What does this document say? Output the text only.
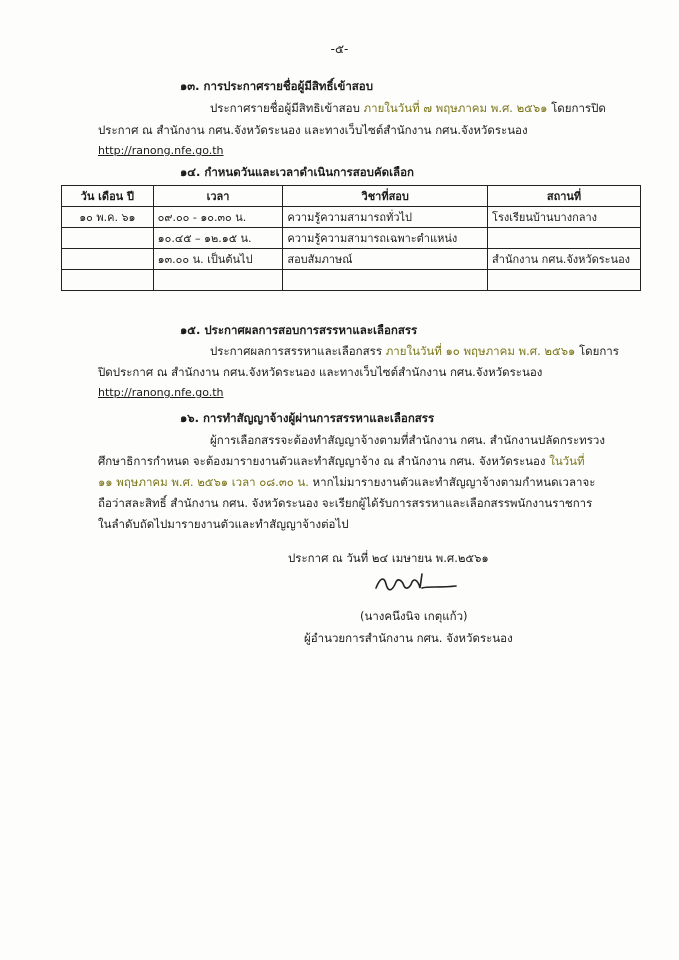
-๕-
๑๓. การประกาศรายชื่อผู้มีสิทธิ์เข้าสอบ
ประกาศรายชื่อผู้มีสิทธิเข้าสอบ ภายในวันที่ ๗ พฤษภาคม พ.ศ. ๒๕๖๑ โดยการปิด
ประกาศ ณ สำนักงาน กศน.จังหวัดระนอง และทางเว็บไซต์สำนักงาน กศน.จังหวัดระนอง
http://ranong.nfe.go.th
๑๔. กำหนดวันและเวลาดำเนินการสอบคัดเลือก
วัน เดือน ปี	เวลา	วิชาที่สอบ	สถานที่
๑๐ พ.ค. ๖๑	๐๙.๐๐ - ๑๐.๓๐ น.	ความรู้ความสามารถทั่วไป	โรงเรียนบ้านบางกลาง
	๑๐.๔๕ – ๑๒.๑๕ น.	ความรู้ความสามารถเฉพาะตำแหน่ง	
	๑๓.๐๐ น. เป็นต้นไป	สอบสัมภาษณ์	สำนักงาน กศน.จังหวัดระนอง

๑๕. ประกาศผลการสอบการสรรหาและเลือกสรร
ประกาศผลการสรรหาและเลือกสรร ภายในวันที่ ๑๐ พฤษภาคม พ.ศ. ๒๕๖๑ โดยการ
ปิดประกาศ ณ สำนักงาน กศน.จังหวัดระนอง และทางเว็บไซต์สำนักงาน กศน.จังหวัดระนอง
http://ranong.nfe.go.th
๑๖. การทำสัญญาจ้างผู้ผ่านการสรรหาและเลือกสรร
ผู้การเลือกสรรจะต้องทำสัญญาจ้างตามที่สำนักงาน กศน. สำนักงานปลัดกระทรวง
ศึกษาธิการกำหนด จะต้องมารายงานตัวและทำสัญญาจ้าง ณ สำนักงาน กศน. จังหวัดระนอง ในวันที่
๑๑ พฤษภาคม พ.ศ. ๒๕๖๑ เวลา ๐๘.๓๐ น. หากไม่มารายงานตัวและทำสัญญาจ้างตามกำหนดเวลาจะ
ถือว่าสละสิทธิ์ สำนักงาน กศน. จังหวัดระนอง จะเรียกผู้ได้รับการสรรหาและเลือกสรรพนักงานราชการ
ในลำดับถัดไปมารายงานตัวและทำสัญญาจ้างต่อไป
ประกาศ ณ วันที่ ๒๔ เมษายน พ.ศ.๒๕๖๑
(นางคนึงนิจ เกตุแก้ว)
ผู้อำนวยการสำนักงาน กศน. จังหวัดระนอง
